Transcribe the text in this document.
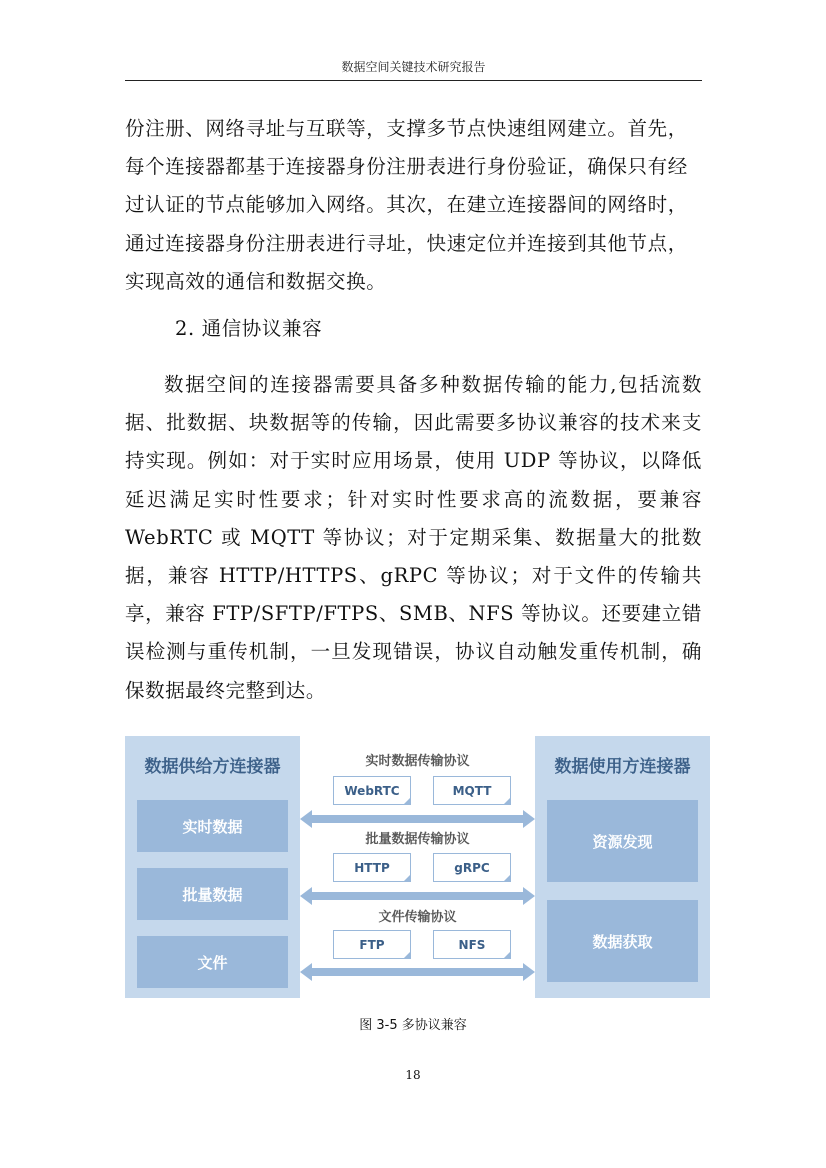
数据空间关键技术研究报告

份注册、网络寻址与互联等，支撑多节点快速组网建立。首先，

每个连接器都基于连接器身份注册表进行身份验证，确保只有经

过认证的节点能够加入网络。其次，在建立连接器间的网络时，

通过连接器身份注册表进行寻址，快速定位并连接到其他节点，

实现高效的通信和数据交换。

2. 通信协议兼容

数据空间的连接器需要具备多种数据传输的能力,包括流数据、批数据、块数据等的传输，因此需要多协议兼容的技术来支持实现。例如：对于实时应用场景，使用 UDP 等协议，以降低延迟满足实时性要求；针对实时性要求高的流数据，要兼容 WebRTC 或 MQTT 等协议；对于定期采集、数据量大的批数据，兼容 HTTP/HTTPS、gRPC 等协议；对于文件的传输共享，兼容 FTP/SFTP/FTPS、SMB、NFS 等协议。还要建立错误检测与重传机制，一旦发现错误，协议自动触发重传机制，确保数据最终完整到达。

数据供给方连接器
实时数据
批量数据
文件
数据使用方连接器
资源发现
数据获取
实时数据传输协议
WebRTC	MQTT
批量数据传输协议
HTTP	gRPC
文件传输协议
FTP	NFS
图 3-5 多协议兼容
18
